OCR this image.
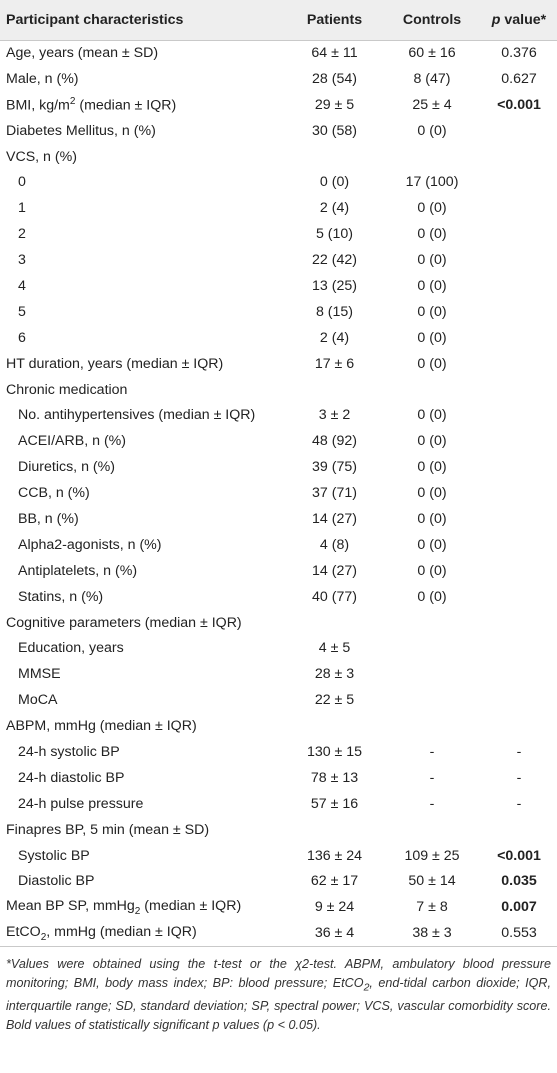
Participant characteristics	Patients	Controls	p value*
Age, years (mean ± SD)	64 ± 11	60 ± 16	0.376
Male, n (%)	28 (54)	8 (47)	0.627
BMI, $kg/m^2$ (median ± IQR)	29 ± 5	25 ± 4	<0.001
Diabetes Mellitus, n (%)	30 (58)	0 (0)	
VCS, n (%)			
0	0 (0)	17 (100)	
1	2 (4)	0 (0)	
2	5 (10)	0 (0)	
3	22 (42)	0 (0)	
4	13 (25)	0 (0)	
5	8 (15)	0 (0)	
6	2 (4)	0 (0)	
HT duration, years (median ± IQR)	17 ± 6	0 (0)	
Chronic medication			
No. antihypertensives (median ± IQR)	3 ± 2	0 (0)	
ACEI/ARB, n (%)	48 (92)	0 (0)	
Diuretics, n (%)	39 (75)	0 (0)	
CCB, n (%)	37 (71)	0 (0)	
BB, n (%)	14 (27)	0 (0)	
Alpha2-agonists, n (%)	4 (8)	0 (0)	
Antiplatelets, n (%)	14 (27)	0 (0)	
Statins, n (%)	40 (77)	0 (0)	
Cognitive parameters (median ± IQR)			
Education, years	4 ± 5		
MMSE	28 ± 3		
MoCA	22 ± 5		
ABPM, mmHg (median ± IQR)			
24-h systolic BP	130 ± 15	-	-
24-h diastolic BP	78 ± 13	-	-
24-h pulse pressure	57 ± 16	-	-
Finapres BP, 5 min (mean ± SD)			
Systolic BP	136 ± 24	109 ± 25	<0.001
Diastolic BP	62 ± 17	50 ± 14	0.035
Mean BP SP, mmHg$_2$ (median ± IQR)	9 ± 24	7 ± 8	0.007
EtCO$_2$, mmHg (median ± IQR)	36 ± 4	38 ± 3	0.553
*Values were obtained using the t-test or the χ2-test. ABPM, ambulatory blood pressure monitoring; BMI, body mass index; BP: blood pressure; EtCO$_2$, end-tidal carbon dioxide; IQR, interquartile range; SD, standard deviation; SP, spectral power; VCS, vascular comorbidity score. Bold values of statistically significant p values (p < 0.05).
